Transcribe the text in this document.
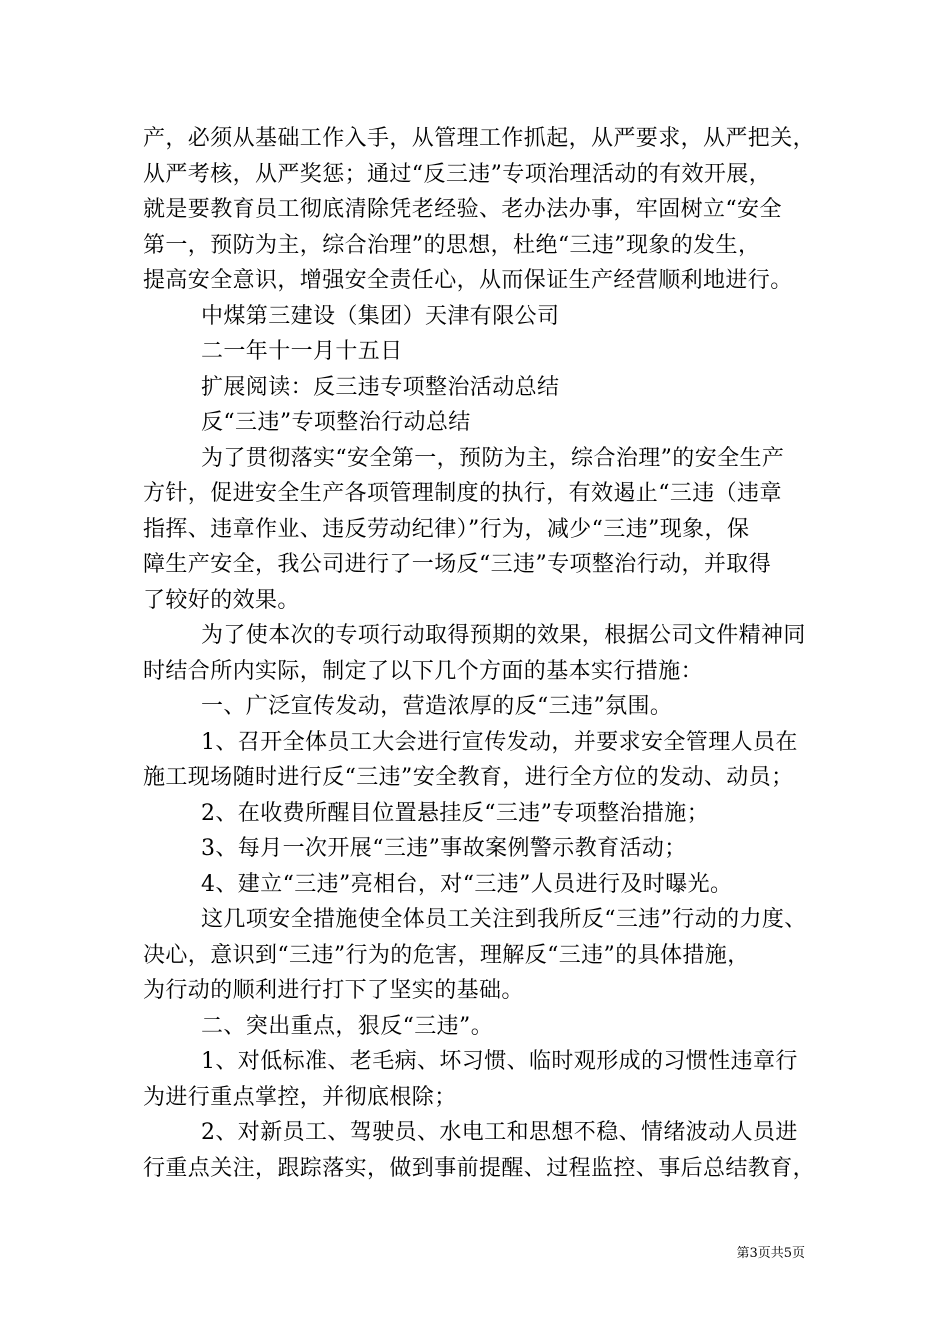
产，必须从基础工作入手，从管理工作抓起，从严要求，从严把关，
从严考核，从严奖惩；通过“反三违”专项治理活动的有效开展，
就是要教育员工彻底清除凭老经验、老办法办事，牢固树立“安全
第一，预防为主，综合治理”的思想，杜绝“三违”现象的发生，
提高安全意识，增强安全责任心，从而保证生产经营顺利地进行。
中煤第三建设（集团）天津有限公司
二一年十一月十五日
扩展阅读：反三违专项整治活动总结
反“三违”专项整治行动总结
为了贯彻落实“安全第一，预防为主，综合治理”的安全生产
方针，促进安全生产各项管理制度的执行，有效遏止“三违（违章
指挥、违章作业、违反劳动纪律）”行为，减少“三违”现象，保
障生产安全，我公司进行了一场反“三违”专项整治行动，并取得
了较好的效果。
为了使本次的专项行动取得预期的效果，根据公司文件精神同
时结合所内实际，制定了以下几个方面的基本实行措施：
一、广泛宣传发动，营造浓厚的反“三违”氛围。
1、召开全体员工大会进行宣传发动，并要求安全管理人员在
施工现场随时进行反“三违”安全教育，进行全方位的发动、动员；
2、在收费所醒目位置悬挂反“三违”专项整治措施；
3、每月一次开展“三违”事故案例警示教育活动；
4、建立“三违”亮相台，对“三违”人员进行及时曝光。
这几项安全措施使全体员工关注到我所反“三违”行动的力度、
决心，意识到“三违”行为的危害，理解反“三违”的具体措施，
为行动的顺利进行打下了坚实的基础。
二、突出重点，狠反“三违”。
1、对低标准、老毛病、坏习惯、临时观形成的习惯性违章行
为进行重点掌控，并彻底根除；
2、对新员工、驾驶员、水电工和思想不稳、情绪波动人员进
行重点关注，跟踪落实，做到事前提醒、过程监控、事后总结教育，
第3页共5页
